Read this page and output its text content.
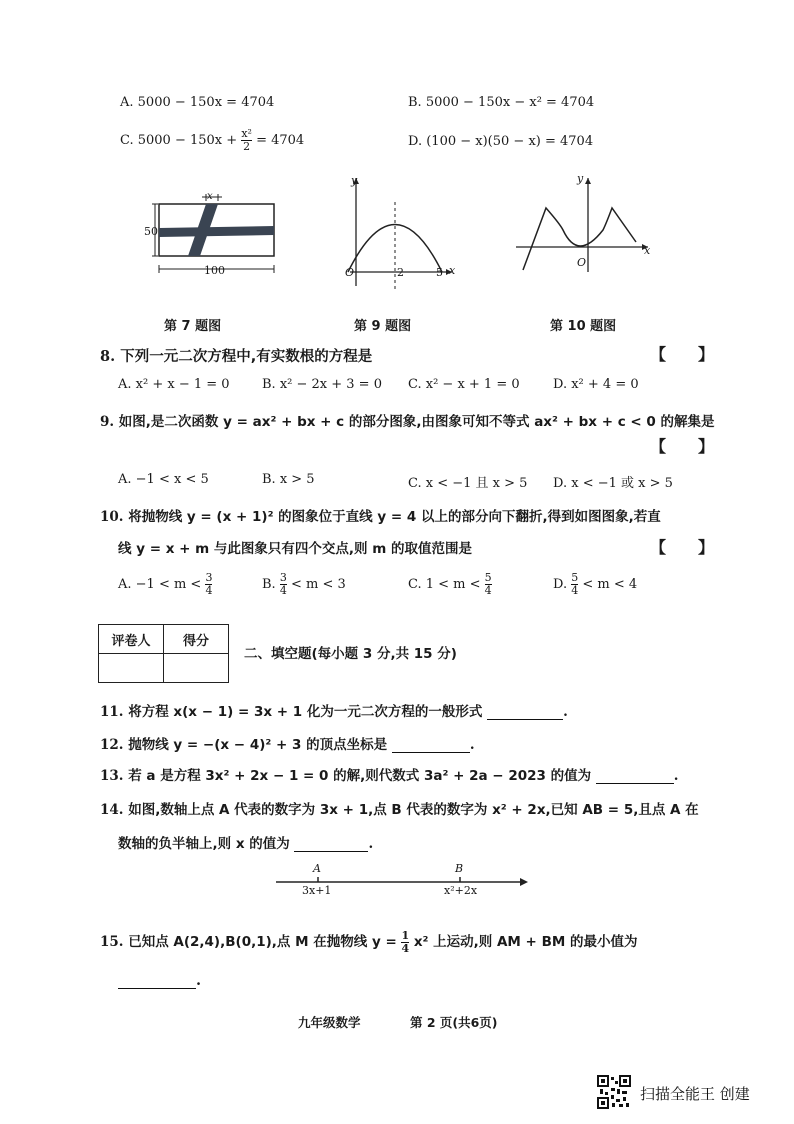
A. 5000 − 150x = 4704	B. 5000 − 150x − x² = 4704
C. $5000 - 150x + \frac{\text{x²}}{2} = 4704$	D. (100 − x)(50 − x) = 4704
x
50
100
第 7 题图
y
x
O	2	5
第 9 题图
y
x
O
第 10 题图
8. 下列一元二次方程中,有实数根的方程是	【　　】
A. x² + x − 1 = 0 B. x² − 2x + 3 = 0 C. x² − x + 1 = 0	D. x² + 4 = 0
9. 如图,是二次函数 y = ax² + bx + c 的部分图象,由图象可知不等式 ax² + bx + c < 0 的解集是
【　　】
A. −1 < x < 5	B. x > 5	C. x < −1 且 x > 5 D. x < −1 或 x > 5
10. 将抛物线 y = (x + 1)² 的图象位于直线 y = 4 以上的部分向下翻折,得到如图图象,若直
线 y = x + m 与此图象只有四个交点,则 m 的取值范围是	【　　】
A. $-1 < m < \frac{3}{4}$	B. $\frac{3}{4} < m < 3$	C. $1 < m < \frac{5}{4}$	D. $\frac{5}{4} < m < 4$
评卷人	得分

二、填空题(每小题 3 分,共 15 分)
11. 将方程 x(x − 1) = 3x + 1 化为一元二次方程的一般形式	.
12. 抛物线 y = −(x − 4)² + 3 的顶点坐标是	.
13. 若 a 是方程 3x² + 2x − 1 = 0 的解,则代数式 3a² + 2a − 2023 的值为	.
14. 如图,数轴上点 A 代表的数字为 3x + 1,点 B 代表的数字为 x² + 2x,已知 AB = 5,且点 A 在
数轴的负半轴上,则 x 的值为	.
A	B
3x+1	x²+2x
15. 已知点 A(2,4),B(0,1),点 M 在抛物线 $y = \frac{1}{4} x^2$ 上运动,则 AM + BM 的最小值为
.
九年级数学	第 2 页(共6页)
扫描全能王 创建
